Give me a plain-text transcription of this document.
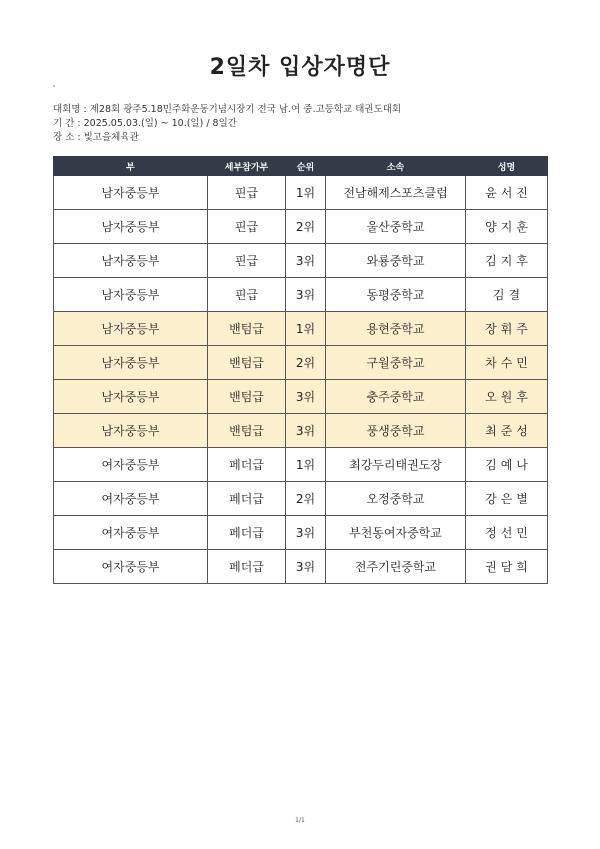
2일차 입상자명단
'
대회명 : 제28회 광주5.18민주화운동기념시장기 전국 남.여 중.고등학교 태권도대회
기 간 : 2025.05.03.(일) ~ 10.(일) / 8일간
장 소 : 빛고을체육관
부	세부참가부	순위	소속	성명
남자중등부	핀급	1위	전남해제스포츠클럽	윤서진
남자중등부	핀급	2위	울산중학교	양지훈
남자중등부	핀급	3위	와룡중학교	김지후
남자중등부	핀급	3위	동평중학교	김결
남자중등부	밴텀급	1위	용현중학교	장휘주
남자중등부	밴텀급	2위	구월중학교	차수민
남자중등부	밴텀급	3위	충주중학교	오원후
남자중등부	밴텀급	3위	풍생중학교	최준성
여자중등부	페더급	1위	최강두리태권도장	김예나
여자중등부	페더급	2위	오정중학교	강은별
여자중등부	페더급	3위	부천동여자중학교	정선민
여자중등부	페더급	3위	전주기린중학교	권담희
1/1
